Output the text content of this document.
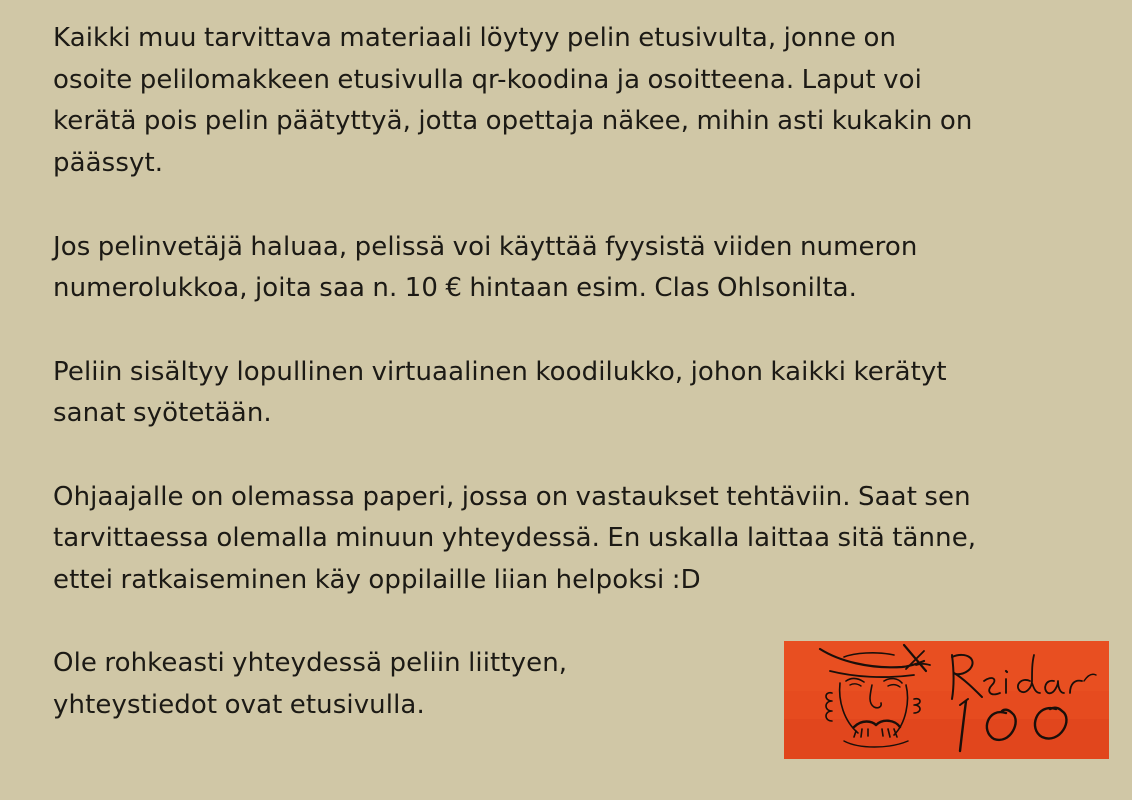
Kaikki muu tarvittava materiaali löytyy pelin etusivulta, jonne on
osoite pelilomakkeen etusivulla qr-koodina ja osoitteena. Laput voi
kerätä pois pelin päätyttyä, jotta opettaja näkee, mihin asti kukakin on
päässyt.

Jos pelinvetäjä haluaa, pelissä voi käyttää fyysistä viiden numeron
numerolukkoa, joita saa n. 10 € hintaan esim. Clas Ohlsonilta.

Peliin sisältyy lopullinen virtuaalinen koodilukko, johon kaikki kerätyt
sanat syötetään.

Ohjaajalle on olemassa paperi, jossa on vastaukset tehtäviin. Saat sen
tarvittaessa olemalla minuun yhteydessä. En uskalla laittaa sitä tänne,
ettei ratkaiseminen käy oppilaille liian helpoksi :D

Ole rohkeasti yhteydessä peliin liittyen,
yhteystiedot ovat etusivulla.
